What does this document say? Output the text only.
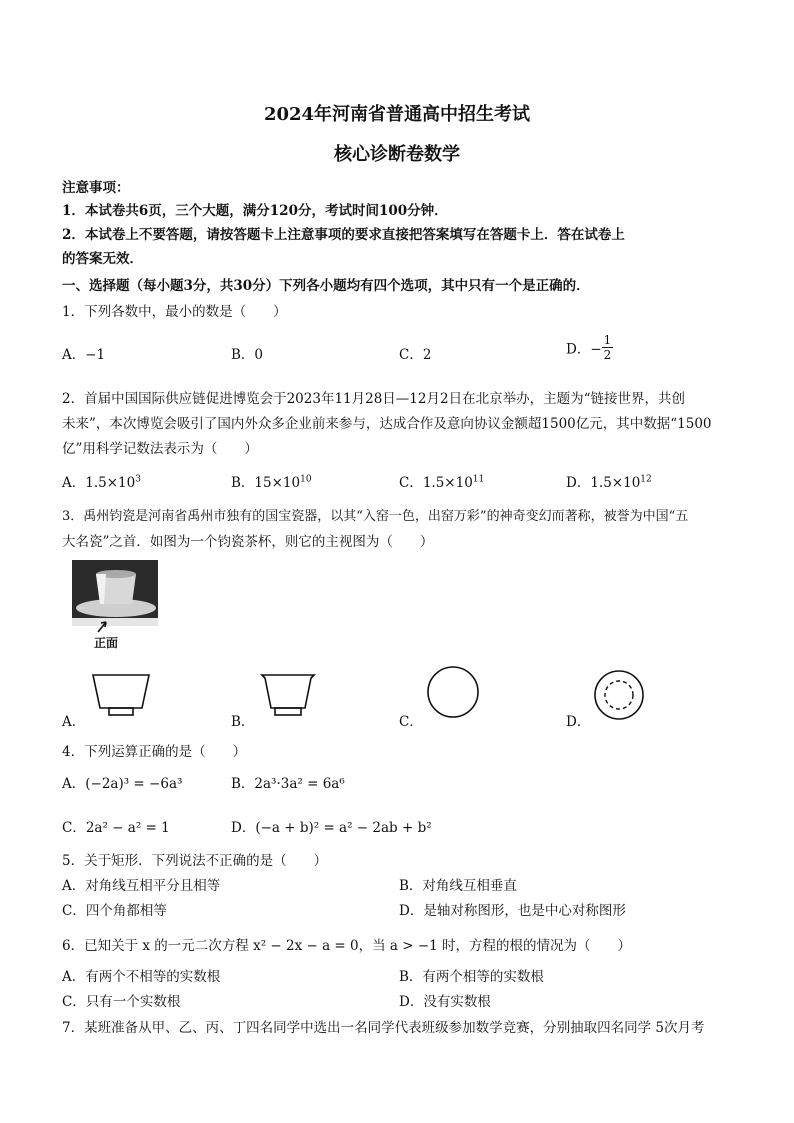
2024年河南省普通高中招生考试
核心诊断卷数学
注意事项：
1．本试卷共6页，三个大题，满分120分，考试时间100分钟．
2．本试卷上不要答题，请按答题卡上注意事项的要求直接把答案填写在答题卡上．答在试卷上
的答案无效．
一、选择题（每小题3分，共30分）下列各小题均有四个选项，其中只有一个是正确的．
1．下列各数中，最小的数是（　　）
A．−1	B．0	C．2	D．− $\frac{1}{2}$
2．首届中国国际供应链促进博览会于2023年11月28日—12月2日在北京举办，主题为“链接世界，共创
未来”，本次博览会吸引了国内外众多企业前来参与，达成合作及意向协议金额超1500亿元，其中数据“1500
亿”用科学记数法表示为（　　）
A．$1.5\times 10^3$	B．$15\times 10^{10}$	C．$1.5\times 10^{11}$	D．$1.5\times 10^{12}$
3．禹州钧瓷是河南省禹州市独有的国宝瓷器，以其“入窑一色，出窑万彩”的神奇变幻而著称，被誉为中国“五
大名瓷”之首．如图为一个钧瓷茶杯，则它的主视图为（　　）
正面
A．	B．	C．	D．
4．下列运算正确的是（　　）
A．(−2a)³ = −6a³	B．2a³·3a² = 6a⁶
C．2a² − a² = 1	D．(−a + b)² = a² − 2ab + b²
5．关于矩形．下列说法不正确的是（　　）
A．对角线互相平分且相等	B．对角线互相垂直
C．四个角都相等	D．是轴对称图形，也是中心对称图形
6．已知关于 x 的一元二次方程 x² − 2x − a = 0，当 a > −1 时，方程的根的情况为（　　）
A．有两个不相等的实数根	B．有两个相等的实数根
C．只有一个实数根	D．没有实数根
7．某班准备从甲、乙、丙、丁四名同学中选出一名同学代表班级参加数学竞赛，分别抽取四名同学 5次月考
